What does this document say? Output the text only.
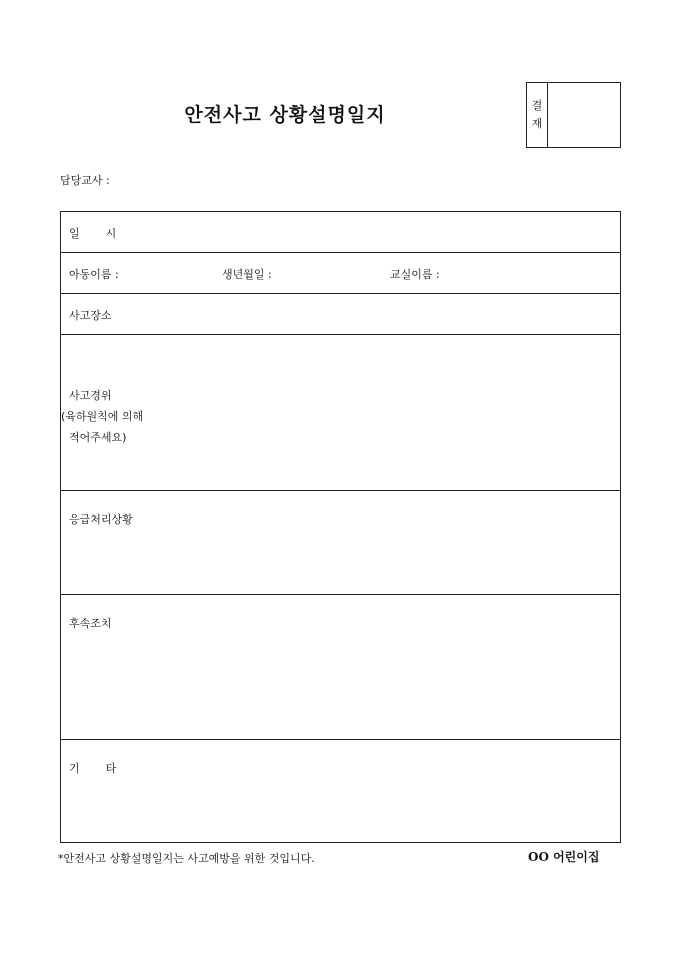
안전사고 상황설명일지	결
재
담당교사 :
일 시
아동이름 :	생년월일 :	교실이름 :
사고장소
사고경위
(육하원칙에 의해
적어주세요)
응급처리상황
후속조치
기 타
*안전사고 상황설명일지는 사고예방을 위한 것입니다.	OO 어린이집
